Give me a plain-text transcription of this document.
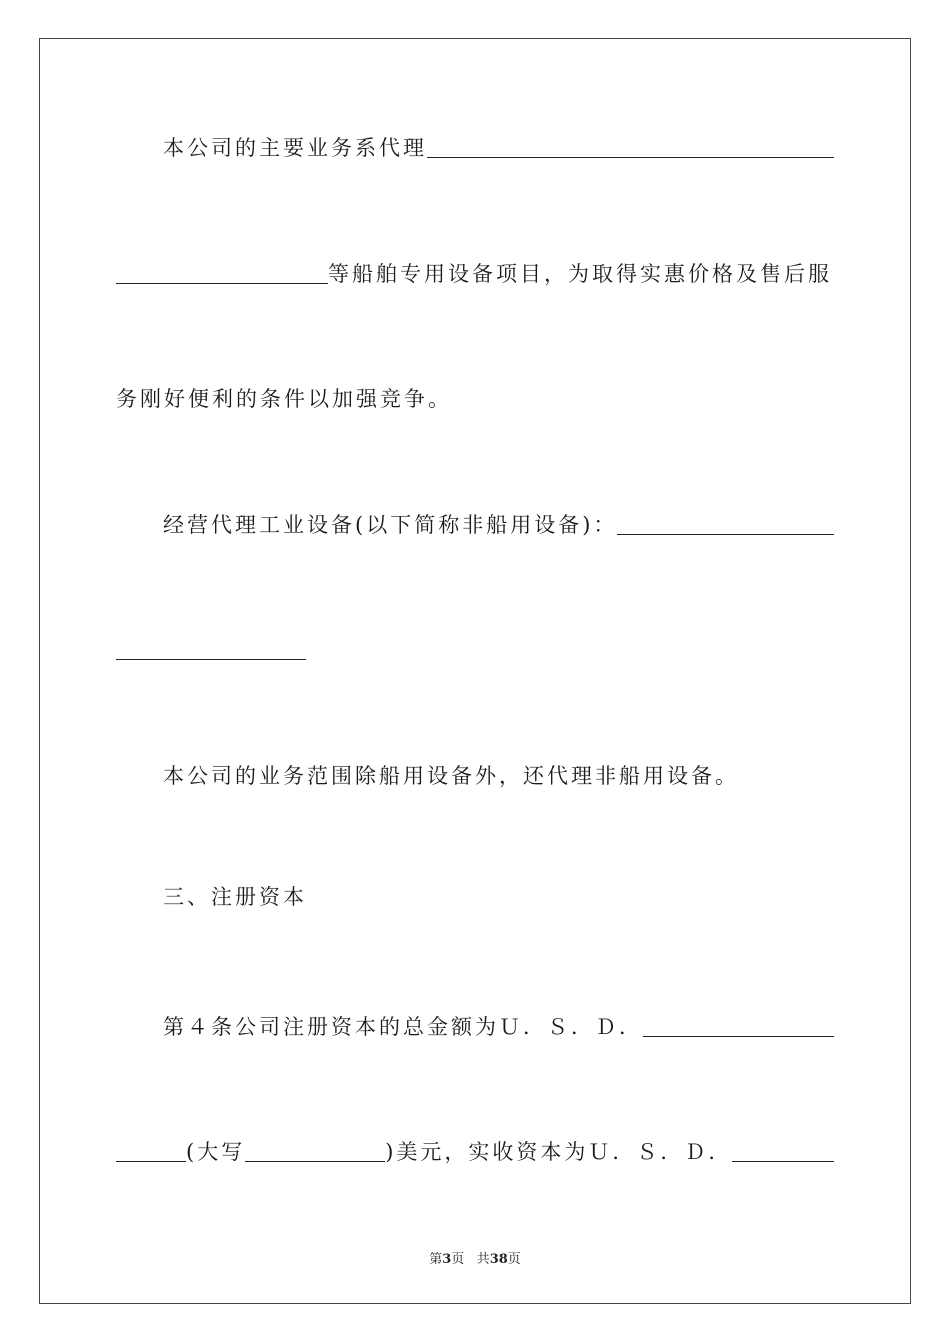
本公司的主要业务系代理
等船舶专用设备项目，为取得实惠价格及售后服
务刚好便利的条件以加强竞争。
经营代理工业设备(以下简称非船用设备)：
本公司的业务范围除船用设备外，还代理非船用设备。
三、注册资本
第４条公司注册资本的总金额为Ｕ．Ｓ．Ｄ．
(大写	)美元，实收资本为Ｕ．Ｓ．Ｄ．
第3页 共38页
